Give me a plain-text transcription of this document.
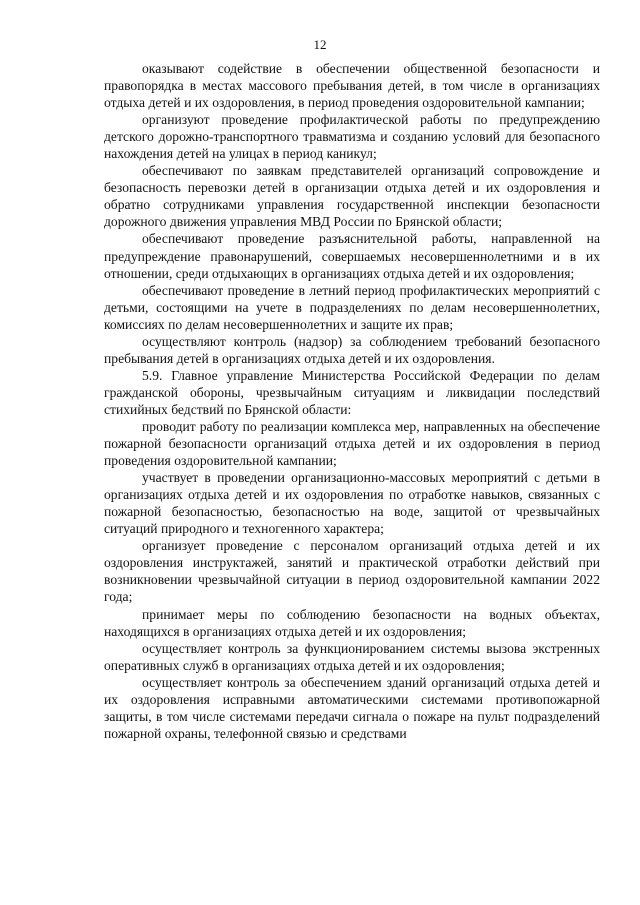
12

оказывают содействие в обеспечении общественной безопасности и правопорядка в местах массового пребывания детей, в том числе в организациях отдыха детей и их оздоровления, в период проведения оздоровительной кампании;

организуют проведение профилактической работы по предупреждению детского дорожно-транспортного травматизма и созданию условий для безопасного нахождения детей на улицах в период каникул;

обеспечивают по заявкам представителей организаций сопровождение и безопасность перевозки детей в организации отдыха детей и их оздоровления и обратно сотрудниками управления государственной инспекции безопасности дорожного движения управления МВД России по Брянской области;

обеспечивают проведение разъяснительной работы, направленной на предупреждение правонарушений, совершаемых несовершеннолетними и в их отношении, среди отдыхающих в организациях отдыха детей и их оздоровления;

обеспечивают проведение в летний период профилактических мероприятий с детьми, состоящими на учете в подразделениях по делам несовершеннолетних, комиссиях по делам несовершеннолетних и защите их прав;

осуществляют контроль (надзор) за соблюдением требований безопасного пребывания детей в организациях отдыха детей и их оздоровления.

5.9. Главное управление Министерства Российской Федерации по делам гражданской обороны, чрезвычайным ситуациям и ликвидации последствий стихийных бедствий по Брянской области:

проводит работу по реализации комплекса мер, направленных на обеспечение пожарной безопасности организаций отдыха детей и их оздоровления в период проведения оздоровительной кампании;

участвует в проведении организационно-массовых мероприятий с детьми в организациях отдыха детей и их оздоровления по отработке навыков, связанных с пожарной безопасностью, безопасностью на воде, защитой от чрезвычайных ситуаций природного и техногенного характера;

организует проведение с персоналом организаций отдыха детей и их оздоровления инструктажей, занятий и практической отработки действий при возникновении чрезвычайной ситуации в период оздоровительной кампании 2022 года;

принимает меры по соблюдению безопасности на водных объектах, находящихся в организациях отдыха детей и их оздоровления;

осуществляет контроль за функционированием системы вызова экстренных оперативных служб в организациях отдыха детей и их оздоровления;

осуществляет контроль за обеспечением зданий организаций отдыха детей и их оздоровления исправными автоматическими системами противопожарной защиты, в том числе системами передачи сигнала о пожаре на пульт подразделений пожарной охраны, телефонной связью и средствами
